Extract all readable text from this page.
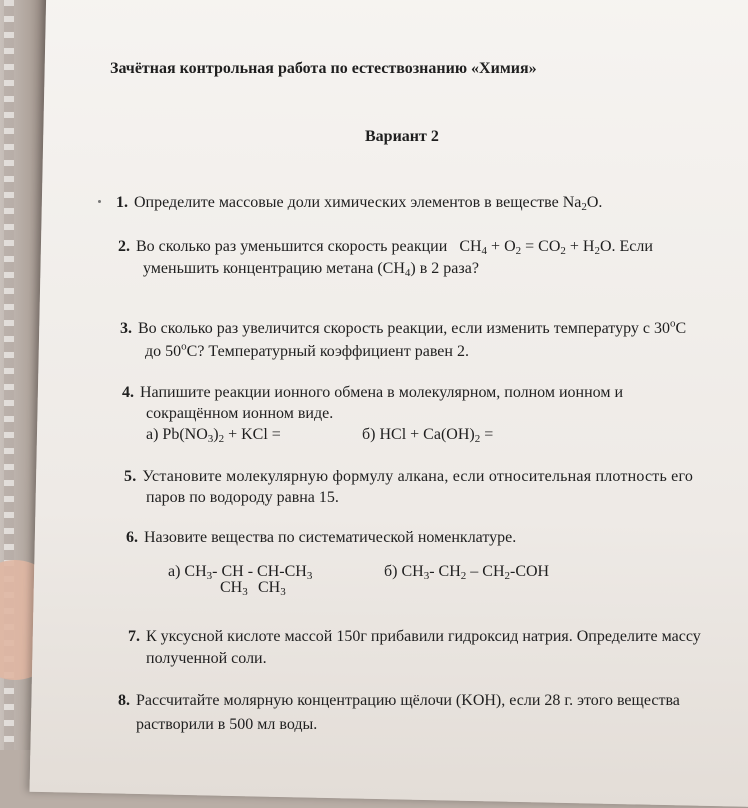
Зачётная контрольная работа по естествознанию «Химия»
Вариант 2
1. Определите массовые доли химических элементов в веществе $Na_2O$.
2. Во сколько раз уменьшится скорость реакции $CH_4 + O_2 = CO_2 + H_2O$. Если
уменьшить концентрацию метана $(CH_4)$ в 2 раза?
3. Во сколько раз увеличится скорость реакции, если изменить температуру с 30$^o$C
до 50$^o$С? Температурный коэффициент равен 2.
4. Напишите реакции ионного обмена в молекулярном, полном ионном и
сокращённом ионном виде.
а) $Pb(NO_3)_2$ + KCl =	б) HCl + $Ca(OH)_2$ =
5. Установите молекулярную формулу алкана, если относительная плотность его
паров по водороду равна 15.
6. Назовите вещества по систематической номенклатуре.
а) $CH_3-$ CH - $CH-CH_3$
$CH_3$ $CH_3$
б) $CH_3-$ $CH_2 - CH_2-COH$
7. К уксусной кислоте массой 150г прибавили гидроксид натрия. Определите массу
полученной соли.
8. Рассчитайте молярную концентрацию щёлочи (KOH), если 28 г. этого вещества
растворили в 500 мл воды.
